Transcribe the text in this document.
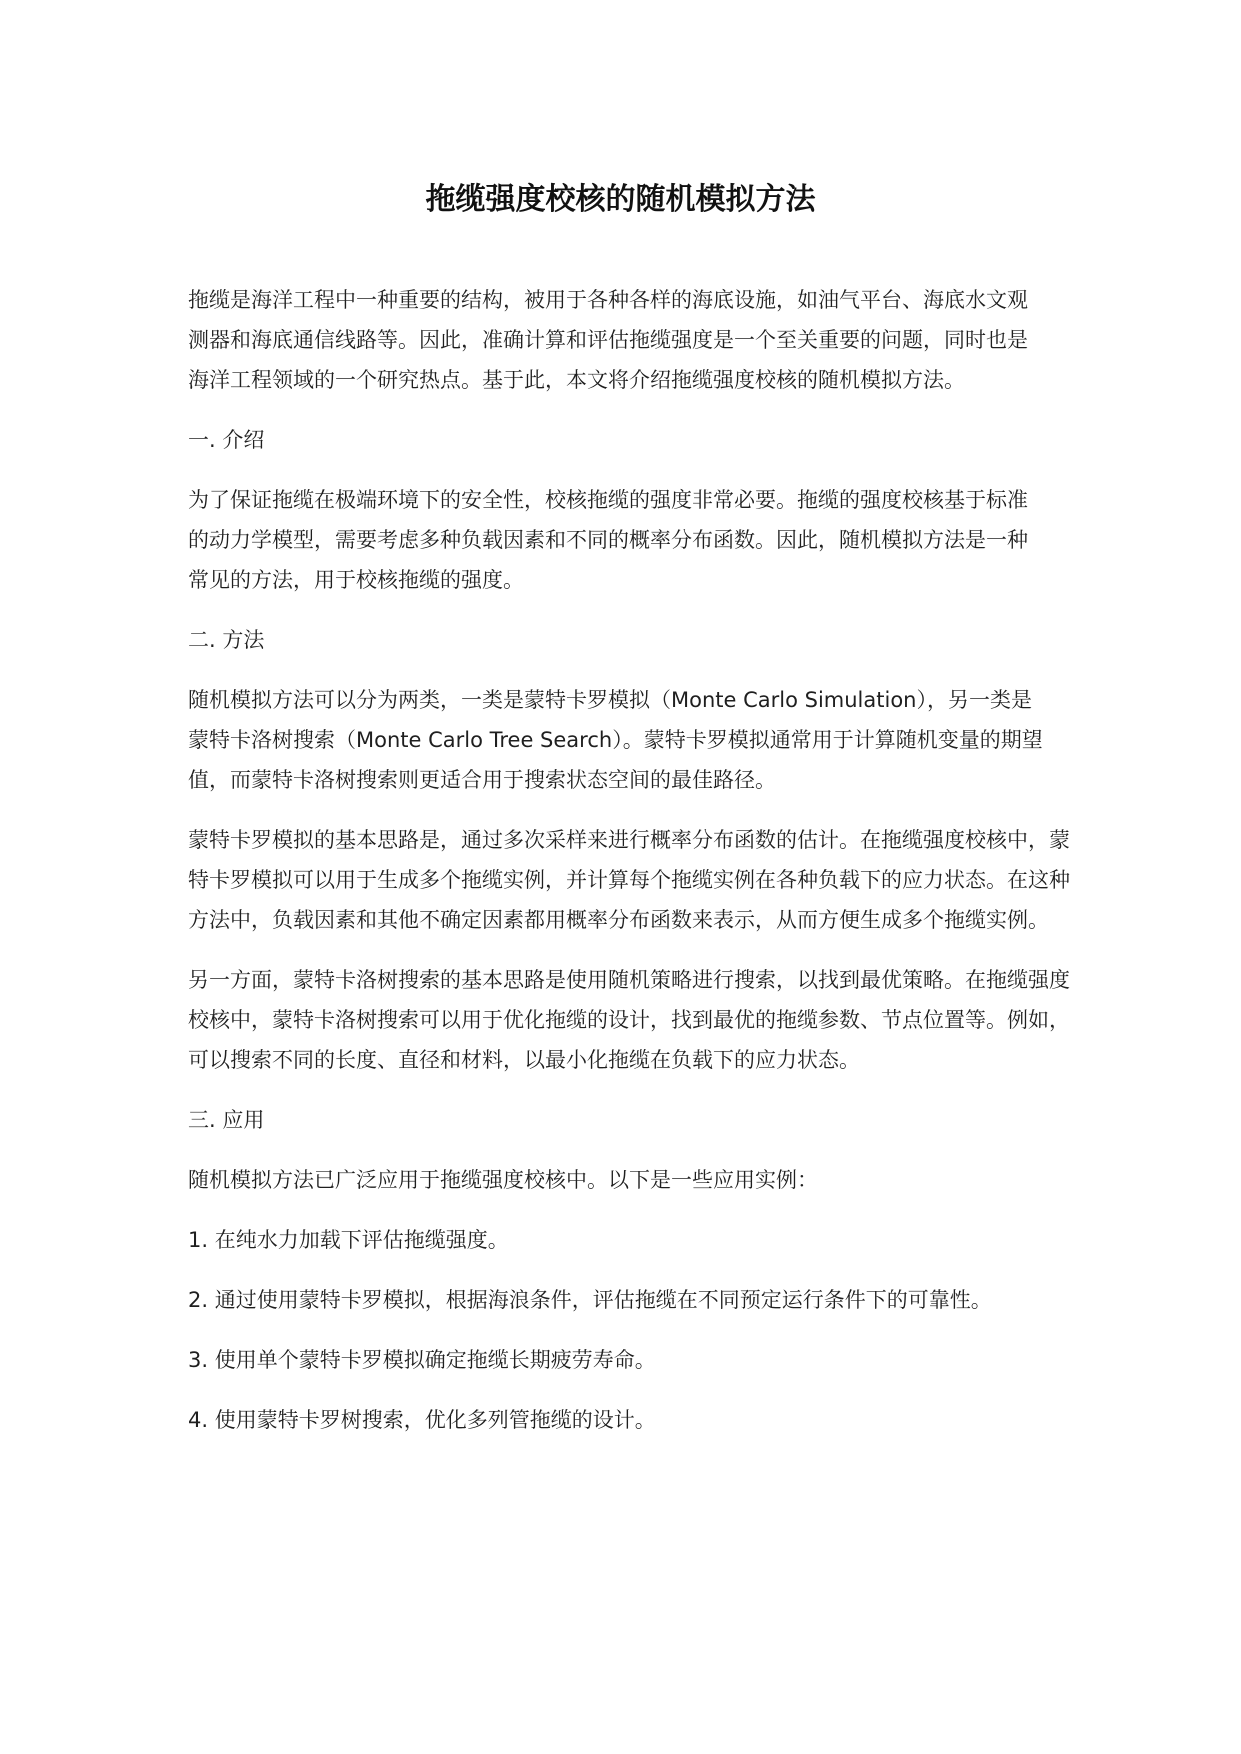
拖缆强度校核的随机模拟方法

拖缆是海洋工程中一种重要的结构，被用于各种各样的海底设施，如油气平台、海底水文观测器和海底通信线路等。因此，准确计算和评估拖缆强度是一个至关重要的问题，同时也是海洋工程领域的一个研究热点。基于此，本文将介绍拖缆强度校核的随机模拟方法。

一. 介绍

为了保证拖缆在极端环境下的安全性，校核拖缆的强度非常必要。拖缆的强度校核基于标准的动力学模型，需要考虑多种负载因素和不同的概率分布函数。因此，随机模拟方法是一种常见的方法，用于校核拖缆的强度。

二. 方法

随机模拟方法可以分为两类，一类是蒙特卡罗模拟（Monte Carlo Simulation），另一类是蒙特卡洛树搜索（Monte Carlo Tree Search）。蒙特卡罗模拟通常用于计算随机变量的期望值，而蒙特卡洛树搜索则更适合用于搜索状态空间的最佳路径。

蒙特卡罗模拟的基本思路是，通过多次采样来进行概率分布函数的估计。在拖缆强度校核中，蒙特卡罗模拟可以用于生成多个拖缆实例，并计算每个拖缆实例在各种负载下的应力状态。在这种方法中，负载因素和其他不确定因素都用概率分布函数来表示，从而方便生成多个拖缆实例。

另一方面，蒙特卡洛树搜索的基本思路是使用随机策略进行搜索，以找到最优策略。在拖缆强度校核中，蒙特卡洛树搜索可以用于优化拖缆的设计，找到最优的拖缆参数、节点位置等。例如，可以搜索不同的长度、直径和材料，以最小化拖缆在负载下的应力状态。

三. 应用

随机模拟方法已广泛应用于拖缆强度校核中。以下是一些应用实例：

1. 在纯水力加载下评估拖缆强度。

2. 通过使用蒙特卡罗模拟，根据海浪条件，评估拖缆在不同预定运行条件下的可靠性。

3. 使用单个蒙特卡罗模拟确定拖缆长期疲劳寿命。

4. 使用蒙特卡罗树搜索，优化多列管拖缆的设计。
